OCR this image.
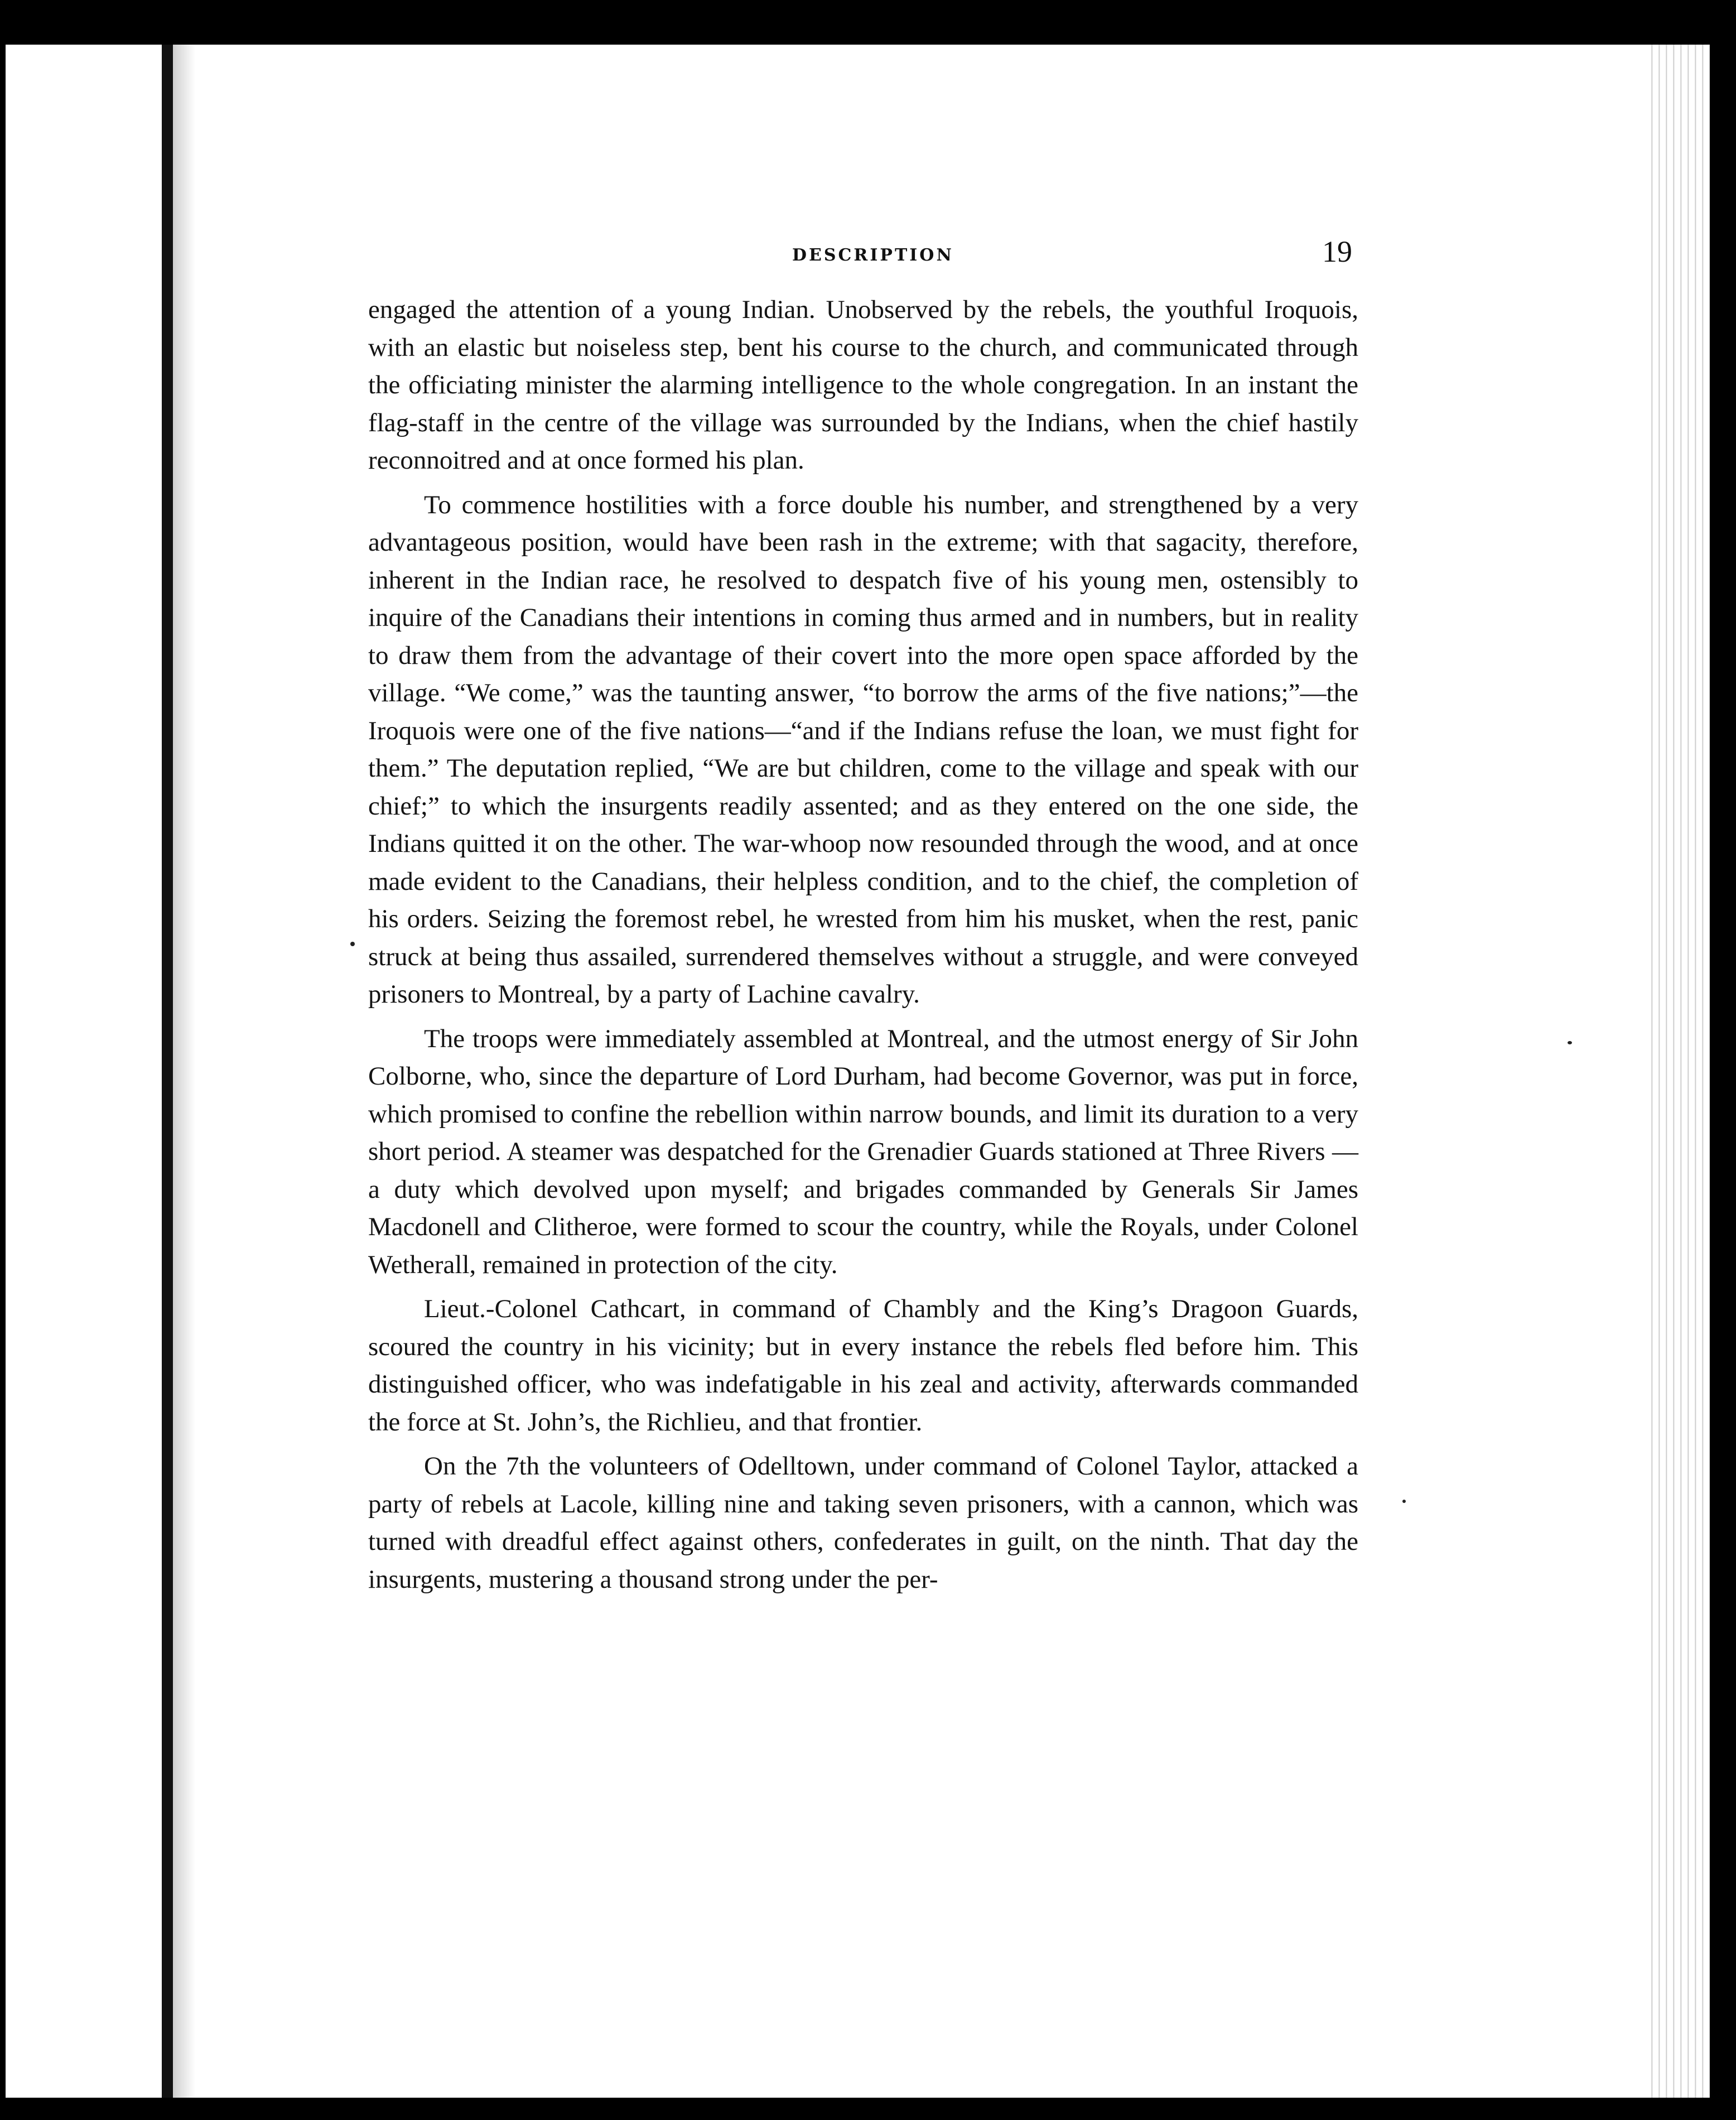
DESCRIPTION	19

engaged the attention of a young Indian. Unobserved by the rebels, the youthful Iroquois, with an elastic but noiseless step, bent his course to the church, and communicated through the officiating minister the alarming intelligence to the whole congregation. In an instant the flag-staff in the centre of the village was surrounded by the Indians, when the chief hastily reconnoitred and at once formed his plan.

To commence hostilities with a force double his number, and strengthened by a very advantageous position, would have been rash in the extreme; with that sagacity, therefore, inherent in the Indian race, he resolved to despatch five of his young men, ostensibly to inquire of the Canadians their intentions in coming thus armed and in numbers, but in reality to draw them from the advantage of their covert into the more open space afforded by the village. “We come,” was the taunting answer, “to borrow the arms of the five nations;”—the Iroquois were one of the five nations—“and if the Indians refuse the loan, we must fight for them.” The deputation replied, “We are but children, come to the village and speak with our chief;” to which the insurgents readily assented; and as they entered on the one side, the Indians quitted it on the other. The war-whoop now resounded through the wood, and at once made evident to the Canadians, their helpless condition, and to the chief, the completion of his orders. Seizing the foremost rebel, he wrested from him his musket, when the rest, panic struck at being thus assailed, surrendered themselves without a struggle, and were conveyed prisoners to Montreal, by a party of Lachine cavalry.

The troops were immediately assembled at Montreal, and the utmost energy of Sir John Colborne, who, since the departure of Lord Durham, had become Governor, was put in force, which promised to confine the rebellion within narrow bounds, and limit its duration to a very short period. A steamer was despatched for the Grenadier Guards stationed at Three Rivers — a duty which devolved upon myself; and brigades commanded by Generals Sir James Macdonell and Clitheroe, were formed to scour the country, while the Royals, under Colonel Wetherall, remained in protection of the city.

Lieut.-Colonel Cathcart, in command of Chambly and the King’s Dragoon Guards, scoured the country in his vicinity; but in every instance the rebels fled before him. This distinguished officer, who was indefatigable in his zeal and activity, afterwards commanded the force at St. John’s, the Richlieu, and that frontier.

On the 7th the volunteers of Odelltown, under command of Colonel Taylor, attacked a party of rebels at Lacole, killing nine and taking seven prisoners, with a cannon, which was turned with dreadful effect against others, confederates in guilt, on the ninth. That day the insurgents, mustering a thousand strong under the per-
